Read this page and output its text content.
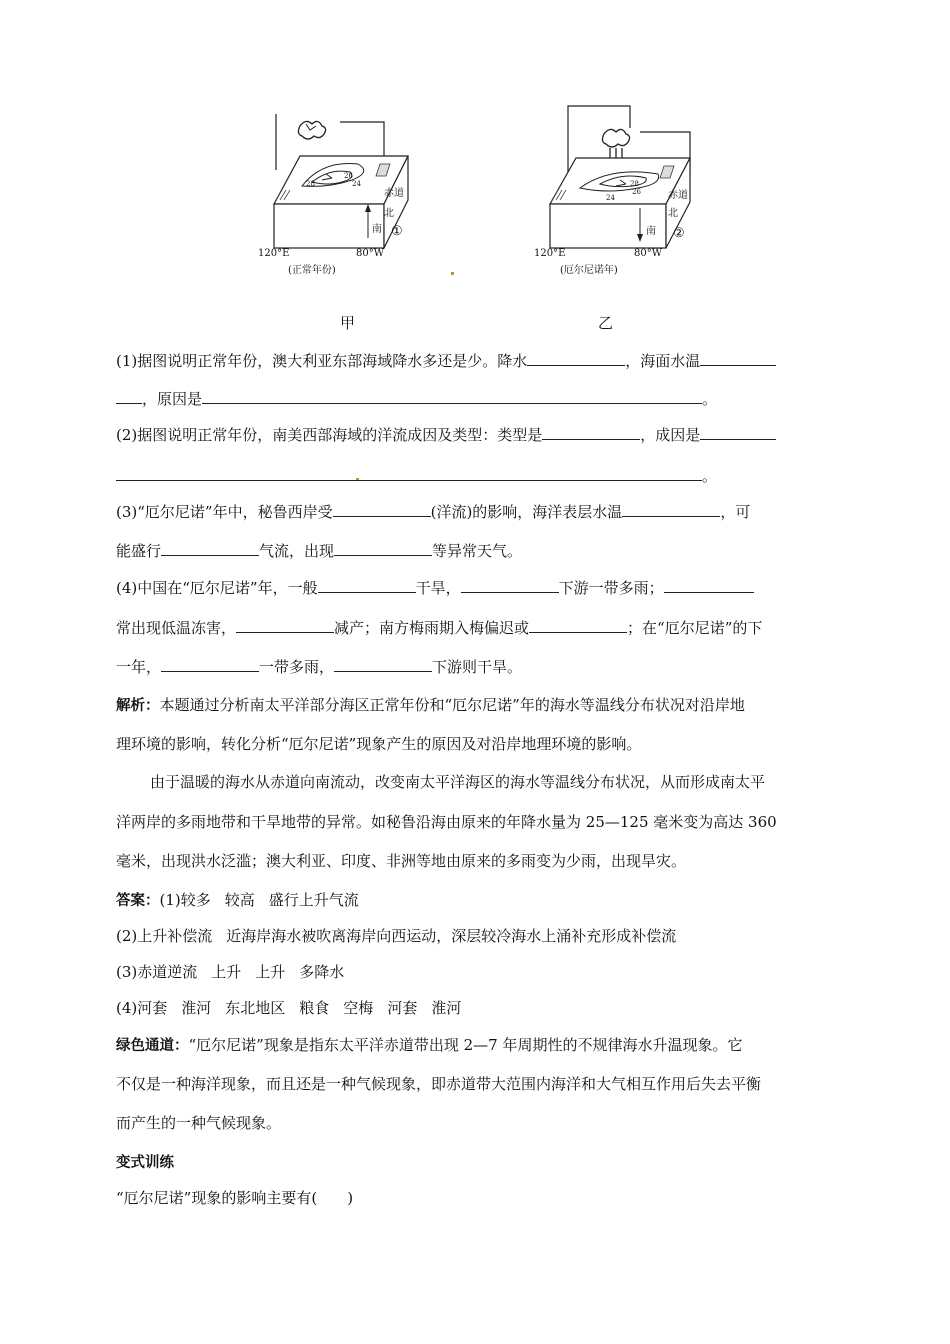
28
26
24
赤道
北
南 ①
120°E	80°W
(正常年份)
28
26
24	赤道
北
南 ②
120°E	80°W
(厄尔尼诺年)
甲	乙
(1)据图说明正常年份，澳大利亚东部海域降水多还是少。降水	，海面水温
，原因是	。
(2)据图说明正常年份，南美西部海域的洋流成因及类型：类型是	，成因是
。
(3)“厄尔尼诺”年中，秘鲁西岸受	(洋流)的影响，海洋表层水温	，可
能盛行	气流，出现	等异常天气。
(4)中国在“厄尔尼诺”年，一般	干旱，	下游一带多雨；
常出现低温冻害，	减产；南方梅雨期入梅偏迟或	；在“厄尔尼诺”的下
一年，	一带多雨，	下游则干旱。
解析：本题通过分析南太平洋部分海区正常年份和“厄尔尼诺”年的海水等温线分布状况对沿岸地
理环境的影响，转化分析“厄尔尼诺”现象产生的原因及对沿岸地理环境的影响。
由于温暖的海水从赤道向南流动，改变南太平洋海区的海水等温线分布状况，从而形成南太平
洋两岸的多雨地带和干旱地带的异常。如秘鲁沿海由原来的年降水量为 25—125 毫米变为高达 360
毫米，出现洪水泛滥；澳大利亚、印度、非洲等地由原来的多雨变为少雨，出现旱灾。
答案：(1)较多 较高 盛行上升气流
(2)上升补偿流 近海岸海水被吹离海岸向西运动，深层较冷海水上涌补充形成补偿流
(3)赤道逆流 上升 上升 多降水
(4)河套 淮河 东北地区 粮食 空梅 河套 淮河
绿色通道：“厄尔尼诺”现象是指东太平洋赤道带出现 2—7 年周期性的不规律海水升温现象。它
不仅是一种海洋现象，而且还是一种气候现象，即赤道带大范围内海洋和大气相互作用后失去平衡
而产生的一种气候现象。
变式训练
“厄尔尼诺”现象的影响主要有(　　)
